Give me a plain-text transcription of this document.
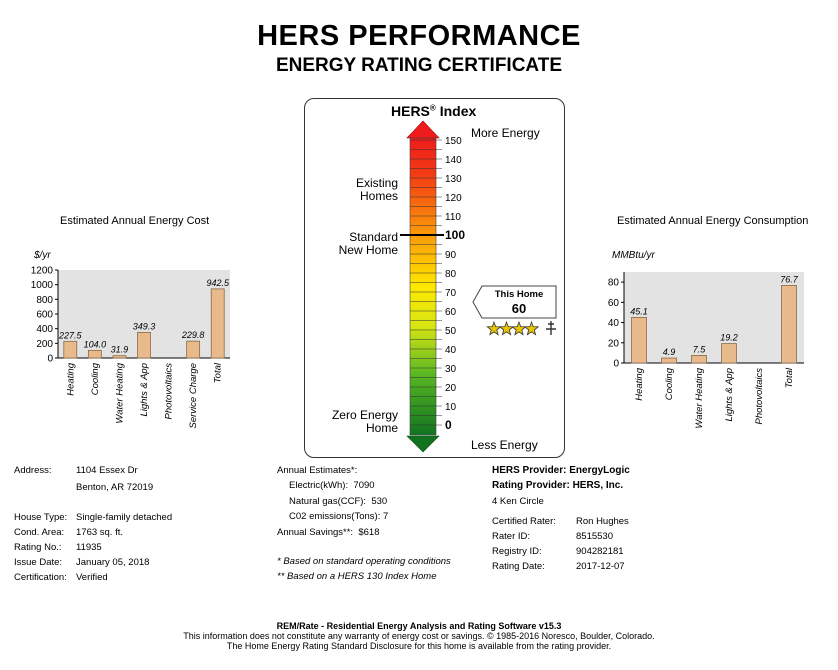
HERS PERFORMANCE
ENERGY RATING CERTIFICATE
Estimated Annual Energy Cost
$/yr
1200
1000
800
600
400
200
0
227.5
Heating
104.0
Cooling
31.9
Water Heating
349.3
Lights & App Photovoltaics
229.8
Service Charge
942.5
Total
Estimated Annual Energy Consumption
MMBtu/yr
80
60
40
20
0
45.1
Heating
4.9
Cooling
7.5
Water Heating
19.2
Lights & App Photovoltaics
76.7
Total
HERS® Index
More Energy
Less Energy
Existing
Homes
Standard
New Home
Zero Energy
Home
150
140
130
120
110
100
90
80
70
60
50
40
30
20
10
0
This Home
60
Address:	1104 Essex Dr
Benton, AR 72019
House Type: Single-family detached
Cond. Area: 1763 sq. ft.
Rating No.: 11935
Issue Date: January 05, 2018
Certification: Verified
Annual Estimates*:
Electric(kWh): 7090
Natural gas(CCF): 530
C02 emissions(Tons): 7
Annual Savings**: $618
* Based on standard operating conditions
** Based on a HERS 130 Index Home
HERS Provider: EnergyLogic
Rating Provider: HERS, Inc.
4 Ken Circle
Certified Rater: Ron Hughes
Rater ID:	8515530
Registry ID:	904282181
Rating Date:	2017-12-07
REM/Rate - Residential Energy Analysis and Rating Software v15.3
This information does not constitute any warranty of energy cost or savings. © 1985-2016 Noresco, Boulder, Colorado.
The Home Energy Rating Standard Disclosure for this home is available from the rating provider.
